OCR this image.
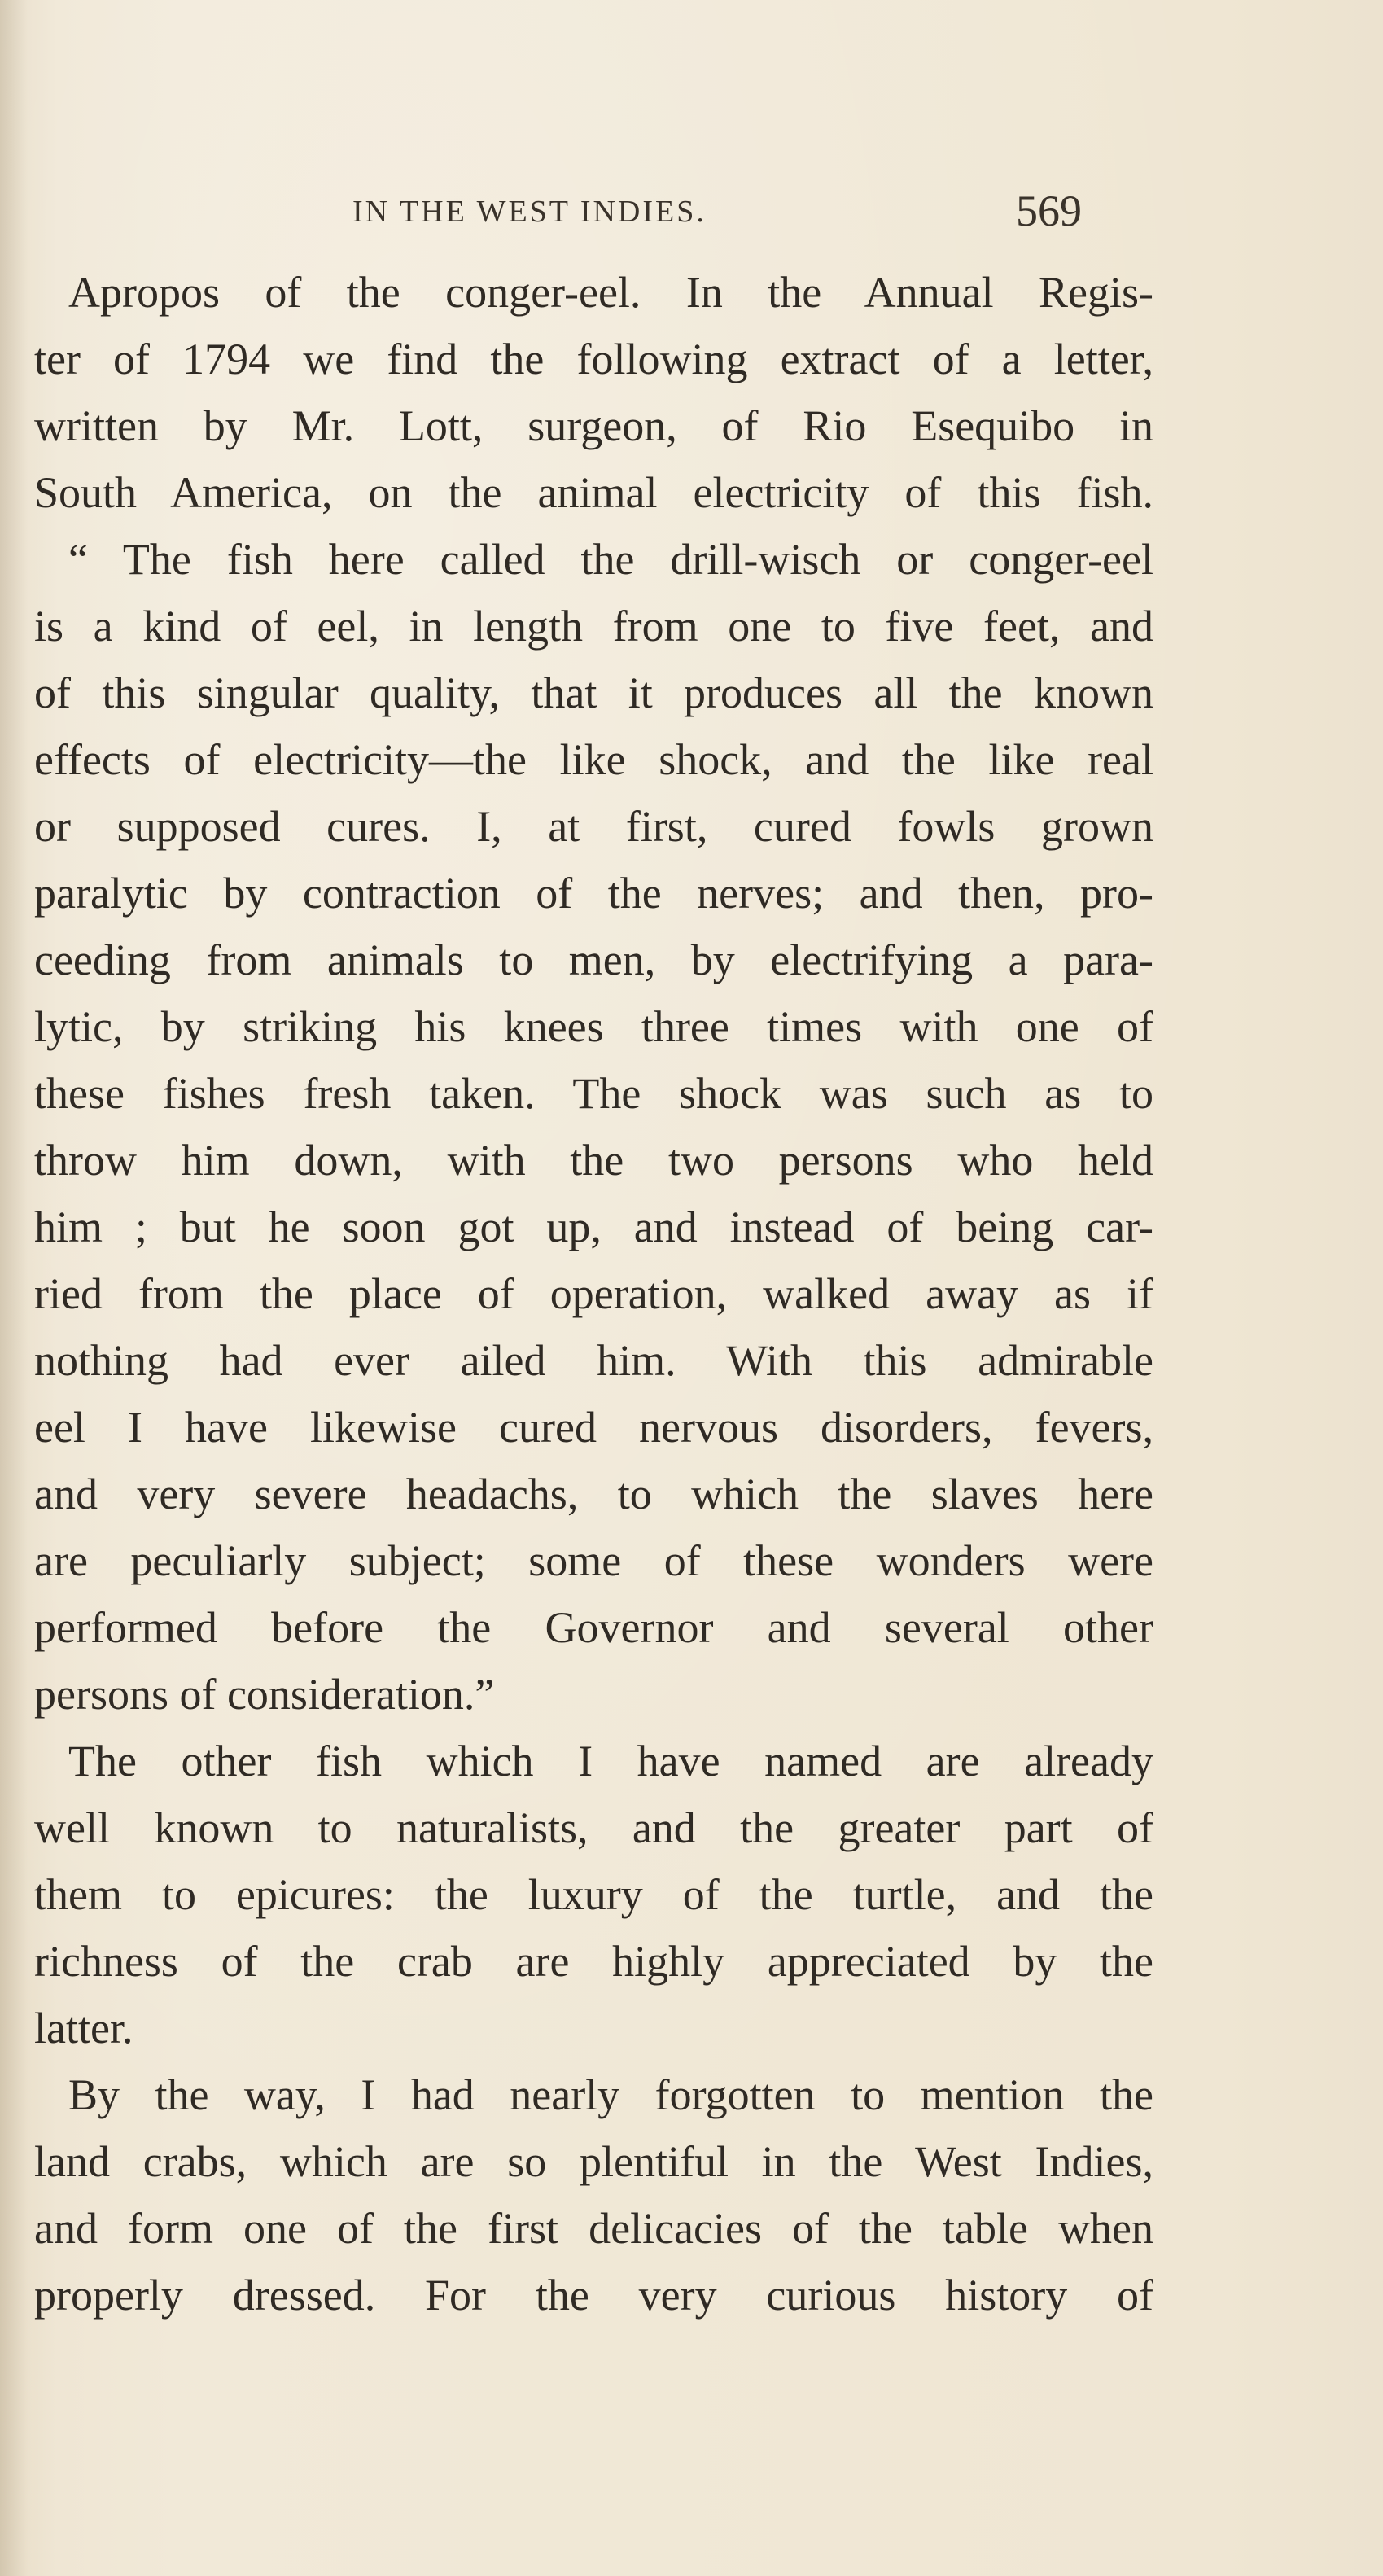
IN THE WEST INDIES.	569
Apropos of the conger-eel. In the Annual Regis-
ter of 1794 we find the following extract of a letter,
written by Mr. Lott, surgeon, of Rio Esequibo in
South America, on the animal electricity of this fish.
“ The fish here called the drill-wisch or conger-eel
is a kind of eel, in length from one to five feet, and
of this singular quality, that it produces all the known
effects of electricity—the like shock, and the like real
or supposed cures. I, at first, cured fowls grown
paralytic by contraction of the nerves; and then, pro-
ceeding from animals to men, by electrifying a para-
lytic, by striking his knees three times with one of
these fishes fresh taken. The shock was such as to
throw him down, with the two persons who held
him ; but he soon got up, and instead of being car-
ried from the place of operation, walked away as if
nothing had ever ailed him. With this admirable
eel I have likewise cured nervous disorders, fevers,
and very severe headachs, to which the slaves here
are peculiarly subject; some of these wonders were
performed before the Governor and several other
persons of consideration.”
The other fish which I have named are already
well known to naturalists, and the greater part of
them to epicures: the luxury of the turtle, and the
richness of the crab are highly appreciated by the
latter.
By the way, I had nearly forgotten to mention the
land crabs, which are so plentiful in the West Indies,
and form one of the first delicacies of the table when
properly dressed. For the very curious history of
